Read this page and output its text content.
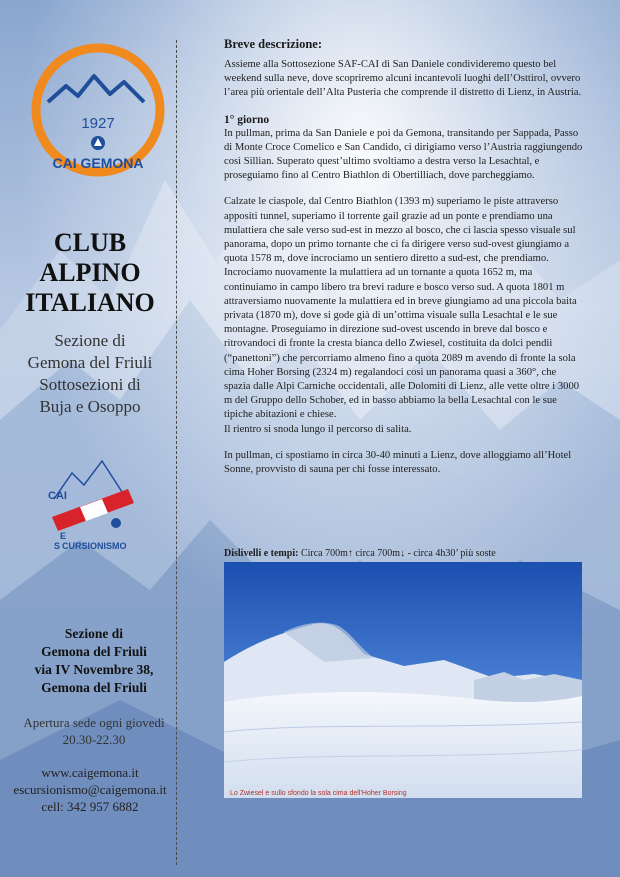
1927
CAI GEMONA
CLUB
ALPINO
ITALIANO
Sezione di
Gemona del Friuli
Sottosezioni di
Buja e Osoppo
CAI
E
S CURSIONISMO
Sezione di
Gemona del Friuli
via IV Novembre 38,
Gemona del Friuli
Apertura sede ogni giovedì 20.30-22.30
www.caigemona.it
escursionismo@caigemona.it
cell: 342 957 6882
Breve descrizione:

Assieme alla Sottosezione SAF-CAI di San Daniele condivideremo questo bel weekend sulla neve, dove scopriremo alcuni incantevoli luoghi dell’Osttirol, ovvero l’area più orientale dell’Alta Pusteria che comprende il distretto di Lienz, in Austria.

1° giorno

In pullman, prima da San Daniele e poi da Gemona, transitando per Sappada, Passo di Monte Croce Comelico e San Candido, ci dirigiamo verso l’Austria raggiungendo così Sillian. Superato quest’ultimo svoltiamo a destra verso la Lesachtal, e proseguiamo fino al Centro Biathlon di Obertilliach, dove parcheggiamo.

Calzate le ciaspole, dal Centro Biathlon (1393 m) superiamo le piste attraverso appositi tunnel, superiamo il torrente gail grazie ad un ponte e prendiamo una mulattiera che sale verso sud-est in mezzo al bosco, che ci lascia spesso visuale sul panorama, dopo un primo tornante che ci fa dirigere verso sud-ovest giungiamo a quota 1578 m, dove incrociamo un sentiero diretto a sud-est, che prendiamo. Incrociamo nuovamente la mulattiera ad un tornante a quota 1652 m, ma continuiamo in campo libero tra brevi radure e bosco verso sud. A quota 1801 m attraversiamo nuovamente la mulattiera ed in breve giungiamo ad una piccola baita privata (1870 m), dove si gode già di un’ottima visuale sulla Lesachtal e le sue montagne. Proseguiamo in direzione sud-ovest uscendo in breve dal bosco e ritrovandoci di fronte la cresta bianca dello Zwiesel, costituita da dolci pendii (“panettoni”) che percorriamo almeno fino a quota 2089 m avendo di fronte la sola cima Hoher Borsing (2324 m) regalandoci così un panorama quasi a 360°, che spazia dalle Alpi Carniche occidentali, alle Dolomiti di Lienz, alle vette oltre i 3000 m del Gruppo dello Schober, ed in basso abbiamo la bella Lesachtal con le sue tipiche abitazioni e chiese.

Il rientro si snoda lungo il percorso di salita.

In pullman, ci spostiamo in circa 30-40 minuti a Lienz, dove alloggiamo all’Hotel Sonne, provvisto di sauna per chi fosse interessato.

Dislivelli e tempi: Circa 700m↑ circa 700m↓ - circa 4h30’ più soste
Lo Zwiesel e sullo sfondo la sola cima dell’Hoher Borsing
